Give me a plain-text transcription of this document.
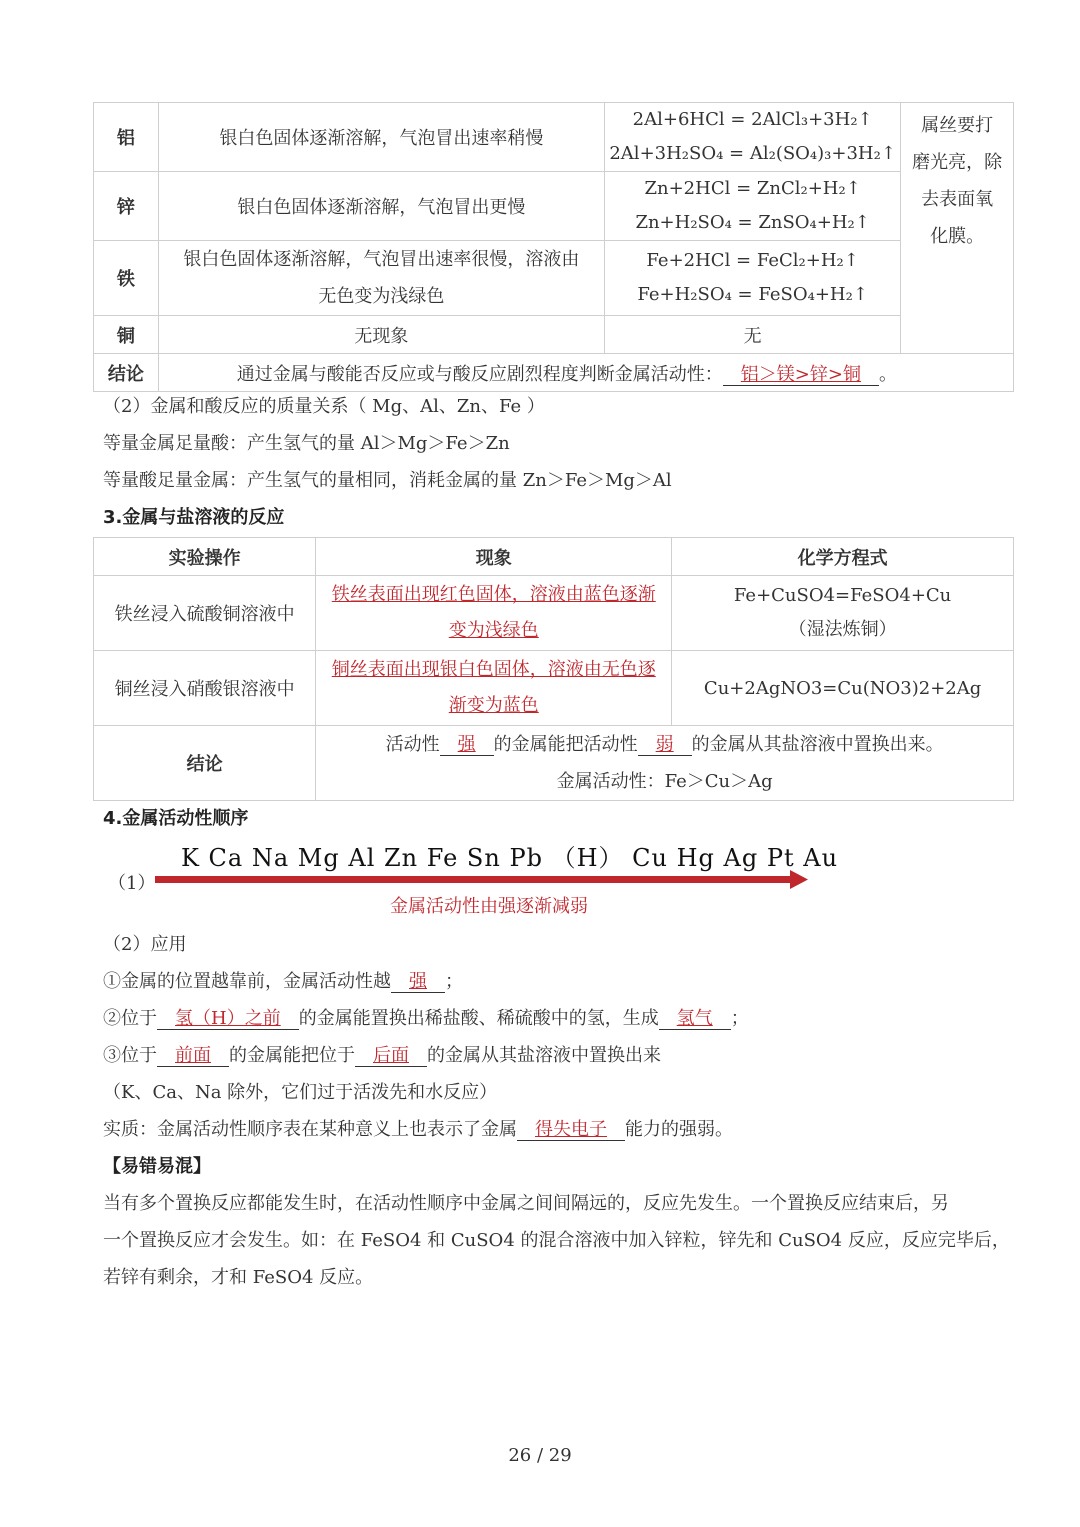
铝	银白色固体逐渐溶解，气泡冒出速率稍慢	2Al+6HCl = 2AlCl₃+3H₂↑
2Al+3H₂SO₄ = Al₂(SO₄)₃+3H₂↑	属丝要打
磨光亮，除
去表面氧
化膜。

锌	银白色固体逐渐溶解，气泡冒出更慢	Zn+2HCl = ZnCl₂+H₂↑
Zn+H₂SO₄ = ZnSO₄+H₂↑	

铁	银白色固体逐渐溶解，气泡冒出速率很慢，溶液由
无色变为浅绿色	Fe+2HCl = FeCl₂+H₂↑
Fe+H₂SO₄ = FeSO₄+H₂↑	

铜	无现象	无	
结论	通过金属与酸能否反应或与酸反应剧烈程度判断金属活动性： 铝＞镁>锌>铜 。		
（2）金属和酸反应的质量关系（ Mg、Al、Zn、Fe ）
等量金属足量酸：产生氢气的量 Al＞Mg＞Fe＞Zn
等量酸足量金属：产生氢气的量相同，消耗金属的量 Zn＞Fe＞Mg＞Al
3.金属与盐溶液的反应
实验操作	现象	化学方程式
铁丝浸入硫酸铜溶液中	铁丝表面出现红色固体，溶液由蓝色逐渐
变为浅绿色	Fe+CuSO4=FeSO4+Cu
（湿法炼铜）

铜丝浸入硝酸银溶液中	铜丝表面出现银白色固体，溶液由无色逐
渐变为蓝色	Cu+2AgNO3=Cu(NO3)2+2Ag
结论	活动性 强 的金属能把活动性 弱 的金属从其盐溶液中置换出来。
金属活动性：Fe＞Cu＞Ag	
4.金属活动性顺序
（1）
K Ca Na Mg Al Zn Fe Sn Pb （H） Cu Hg Ag Pt Au
金属活动性由强逐渐减弱
（2）应用
①金属的位置越靠前，金属活动性越 强 ；
②位于 氢（H）之前 的金属能置换出稀盐酸、稀硫酸中的氢，生成 氢气 ；
③位于 前面 的金属能把位于 后面 的金属从其盐溶液中置换出来
（K、Ca、Na 除外，它们过于活泼先和水反应）
实质：金属活动性顺序表在某种意义上也表示了金属 得失电子 能力的强弱。
【易错易混】
当有多个置换反应都能发生时，在活动性顺序中金属之间间隔远的，反应先发生。一个置换反应结束后，另
一个置换反应才会发生。如：在 FeSO4 和 CuSO4 的混合溶液中加入锌粒，锌先和 CuSO4 反应，反应完毕后，
若锌有剩余，才和 FeSO4 反应。
26 / 29
